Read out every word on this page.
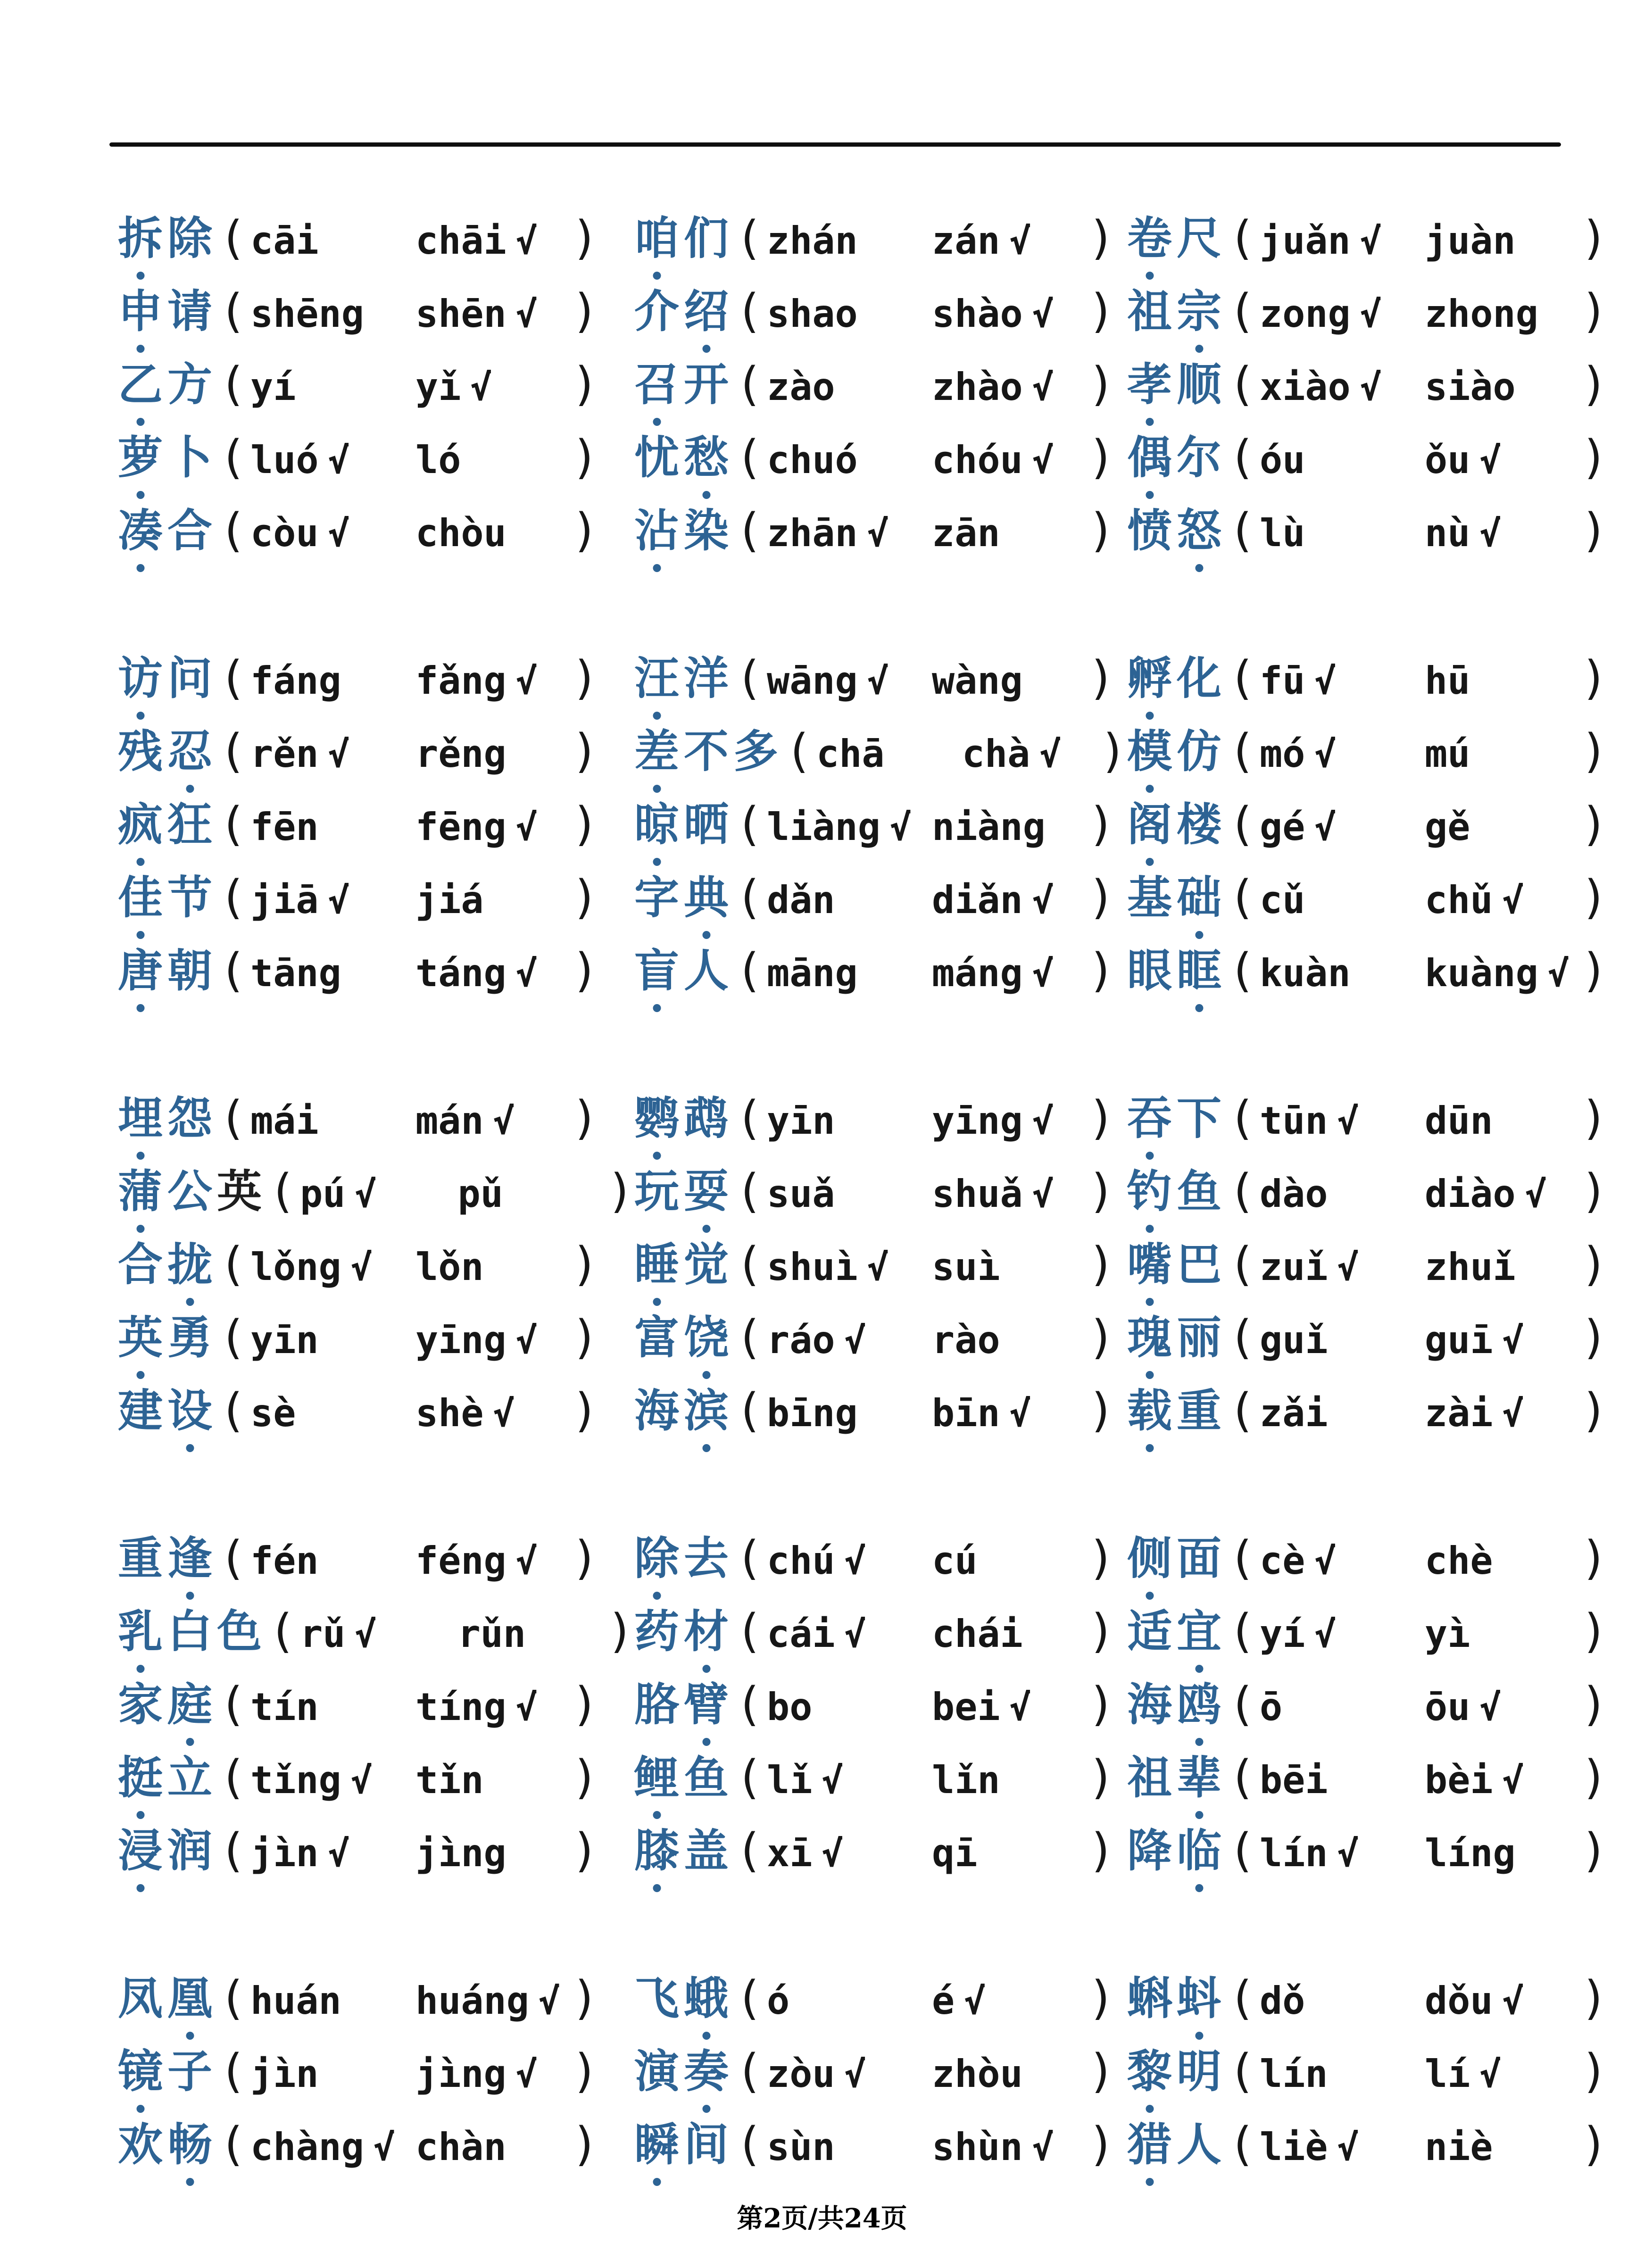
拆 除 ( cāi	chāi √ ) 咱 们 ( zhán zán √ ) 卷 尺 ( juǎn √ juàn )
申 请 ( shēng shēn √ ) 介 绍 ( shao shào √ ) 祖 宗 ( zong √ zhong )
乙 方 ( yí	yǐ √ ) 召 开 ( zào	zhào √ ) 孝 顺 ( xiào √ siào )
萝 卜 ( luó √ ló ) 忧 愁 ( chuó chóu √ ) 偶 尔 ( óu	ǒu √ )
凑 合 ( còu √ chòu ) 沾 染 ( zhān √ zān ) 愤 怒 ( lù	nù √ )
访 问 ( fáng fǎng √ ) 汪 洋 ( wāng √ wàng ) 孵 化 ( fū √ hū )
残 忍 ( rěn √ rěng ) 差 不 多 ( chā chà √ ) 模 仿 ( mó √ mú )
疯 狂 ( fēn	fēng √ ) 晾 晒 ( liàng √ niàng ) 阁 楼 ( gé √ gě )
佳 节 ( jiā √ jiá ) 字 典 ( dǎn	diǎn √ ) 基 础 ( cǔ	chǔ √ )
唐 朝 ( tāng táng √ ) 盲 人 ( māng máng √ ) 眼 眶 ( kuàn kuàng √ )
埋 怨 ( mái	mán √ ) 鹦 鹉 ( yīn	yīng √ ) 吞 下 ( tūn √ dūn )
蒲 公 英 ( pú √ pǔ ) 玩 耍 ( suǎ	shuǎ √ ) 钓 鱼 ( dào	diào √ )
合 拢 ( lǒng √ lǒn ) 睡 觉 ( shuì √ suì ) 嘴 巴 ( zuǐ √ zhuǐ )
英 勇 ( yīn	yīng √ ) 富 饶 ( ráo √ rào ) 瑰 丽 ( guǐ	guī √ )
建 设 ( sè	shè √ ) 海 滨 ( bīng bīn √ ) 载 重 ( zǎi	zài √ )
重 逢 ( fén	féng √ ) 除 去 ( chú √ cú ) 侧 面 ( cè √ chè )
乳 白 色 ( rǔ √ rǔn ) 药 材 ( cái √ chái ) 适 宜 ( yí √ yì )
家 庭 ( tín	tíng √ ) 胳 臂 ( bo	bei √ ) 海 鸥 ( ō	ōu √ )
挺 立 ( tǐng √ tǐn ) 鲤 鱼 ( lǐ √ lǐn ) 祖 辈 ( bēi	bèi √ )
浸 润 ( jìn √ jìng ) 膝 盖 ( xī √ qī ) 降 临 ( lín √ líng )
凤 凰 ( huán huáng √ ) 飞 蛾 ( ó	é √ ) 蝌 蚪 ( dǒ	dǒu √ )
镜 子 ( jìn	jìng √ ) 演 奏 ( zòu √ zhòu ) 黎 明 ( lín	lí √ )
欢 畅 ( chàng √ chàn ) 瞬 间 ( sùn	shùn √ ) 猎 人 ( liè √ niè )
第2页/共24页
